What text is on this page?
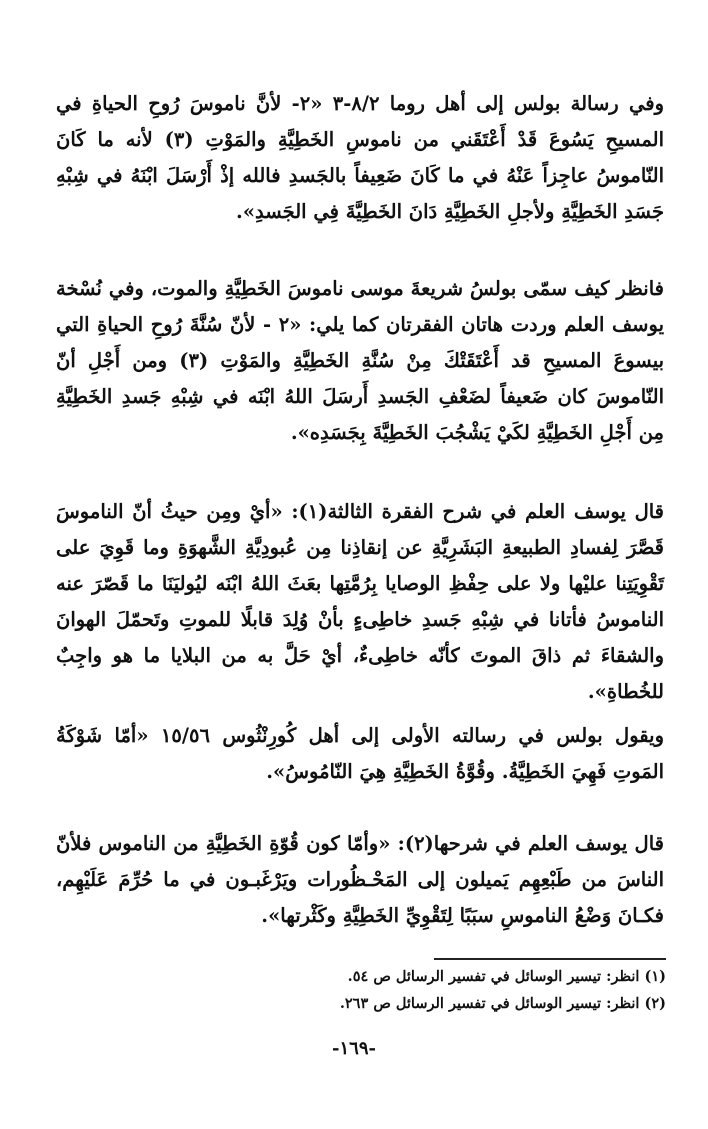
وفي رسالة بولس إلى أهل روما ٨/٢-٣ «٢- لأنَّ ناموسَ رُوحِ الحياةِ في المسيحِ يَسُوعَ قَدْ أَعْتَقَني من ناموسِ الخَطِيَّةِ والمَوْتِ (٣) لأنه ما كَانَ النّاموسُ عاجِزاً عَنْهُ في ما كَانَ ضَعِيفاً بالجَسدِ فالله إذْ أَرْسَلَ ابْنَهُ في شِبْهِ جَسَدِ الخَطِيَّةِ ولأجلِ الخَطِيَّةِ دَانَ الخَطِيَّةَ فِي الجَسدِ».

فانظر كيف سمّى بولسُ شريعةَ موسى ناموسَ الخَطِيَّةِ والموت، وفي نُسْخة يوسف العلم وردت هاتان الفقرتان كما يلي: «٢ - لأنّ سُنَّةَ رُوحِ الحياةِ التي بيسوعَ المسيحِ قد أَعْتَقَتْكَ مِنْ سُنَّةِ الخَطِيَّةِ والمَوْتِ (٣) ومن أَجْلِ أنّ النّاموسَ كان ضَعيفاً لضَعْفِ الجَسدِ أَرسَلَ اللهُ ابْنَه في شِبْهِ جَسدِ الخَطِيَّةِ مِن أَجْلِ الخَطِيَّةِ لكَيْ يَشْجُبَ الخَطِيَّةَ بِجَسَدِه».

قال يوسف العلم في شرح الفقرة الثالثة(١): «أيْ ومِن حيثُ أنّ الناموسَ قَصَّرَ لِفسادِ الطبيعةِ البَشَرِيَّةِ عن إنقاذِنا مِن عُبودِيَّةِ الشَّهوَةِ وما قَوِيَ على تَقْوِيَتِنا عليْها ولا على حِفْظِ الوصايا بِرُمَّتِها بعَثَ اللهُ ابْنَه ليُوليَنَا ما قَصّرَ عنه الناموسُ فأتانا في شِبْهِ جَسدِ خاطِىءٍ بأنْ وُلِدَ قابلًا للموتِ وتَحمّلَ الهوانَ والشقاءَ ثم ذاقَ الموتَ كأنّه خاطِىءٌ، أيْ حَلَّ به من البلايا ما هو واجِبٌ للخُطاةِ».

ويقول بولس في رسالته الأولى إلى أهل كُورِنْثُوس ١٥/٥٦ «أمّا شَوْكَةُ المَوتِ فَهِيَ الخَطِيَّةُ. وقُوَّةُ الخَطِيَّةِ هِيَ النّامُوسُ».

قال يوسف العلم في شرحها(٢): «وأمّا كون قُوّةِ الخَطِيَّةِ من الناموس فلأنّ الناسَ من طَبْعِهِم يَميلون إلى المَحْـظُورات ويَرْغَبـون في ما حُرِّمَ عَلَيْهِم، فكـانَ وَضْعُ الناموسِ سبَبًا لِتَقْوِيِّ الخَطِيَّةِ وكَثْرتها».

(١) انظر: تيسير الوسائل في تفسير الرسائل ص ٥٤.
(٢) انظر: تيسير الوسائل في تفسير الرسائل ص ٢٦٣.
-١٦٩-
